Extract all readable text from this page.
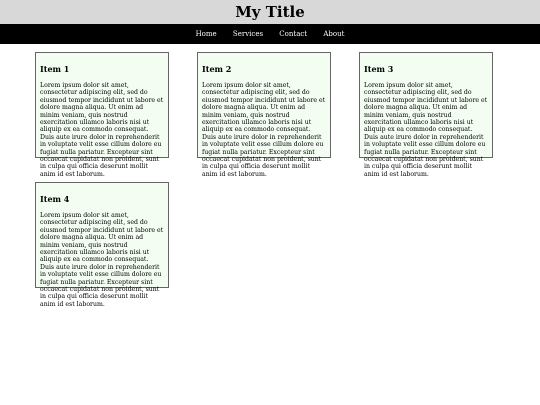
My Title
Home Services Contact About
Item 1

Lorem ipsum dolor sit amet, consectetur adipiscing elit, sed do eiusmod tempor incididunt ut labore et dolore magna aliqua. Ut enim ad minim veniam, quis nostrud exercitation ullamco laboris nisi ut aliquip ex ea commodo consequat. Duis aute irure dolor in reprehenderit in voluptate velit esse cillum dolore eu fugiat nulla pariatur. Excepteur sint occaecat cupidatat non proident, sunt in culpa qui officia deserunt mollit anim id est laborum.

Item 2

Lorem ipsum dolor sit amet, consectetur adipiscing elit, sed do eiusmod tempor incididunt ut labore et dolore magna aliqua. Ut enim ad minim veniam, quis nostrud exercitation ullamco laboris nisi ut aliquip ex ea commodo consequat. Duis aute irure dolor in reprehenderit in voluptate velit esse cillum dolore eu fugiat nulla pariatur. Excepteur sint occaecat cupidatat non proident, sunt in culpa qui officia deserunt mollit anim id est laborum.

Item 3

Lorem ipsum dolor sit amet, consectetur adipiscing elit, sed do eiusmod tempor incididunt ut labore et dolore magna aliqua. Ut enim ad minim veniam, quis nostrud exercitation ullamco laboris nisi ut aliquip ex ea commodo consequat. Duis aute irure dolor in reprehenderit in voluptate velit esse cillum dolore eu fugiat nulla pariatur. Excepteur sint occaecat cupidatat non proident, sunt in culpa qui officia deserunt mollit anim id est laborum.

Item 4

Lorem ipsum dolor sit amet, consectetur adipiscing elit, sed do eiusmod tempor incididunt ut labore et dolore magna aliqua. Ut enim ad minim veniam, quis nostrud exercitation ullamco laboris nisi ut aliquip ex ea commodo consequat. Duis aute irure dolor in reprehenderit in voluptate velit esse cillum dolore eu fugiat nulla pariatur. Excepteur sint occaecat cupidatat non proident, sunt in culpa qui officia deserunt mollit anim id est laborum.
